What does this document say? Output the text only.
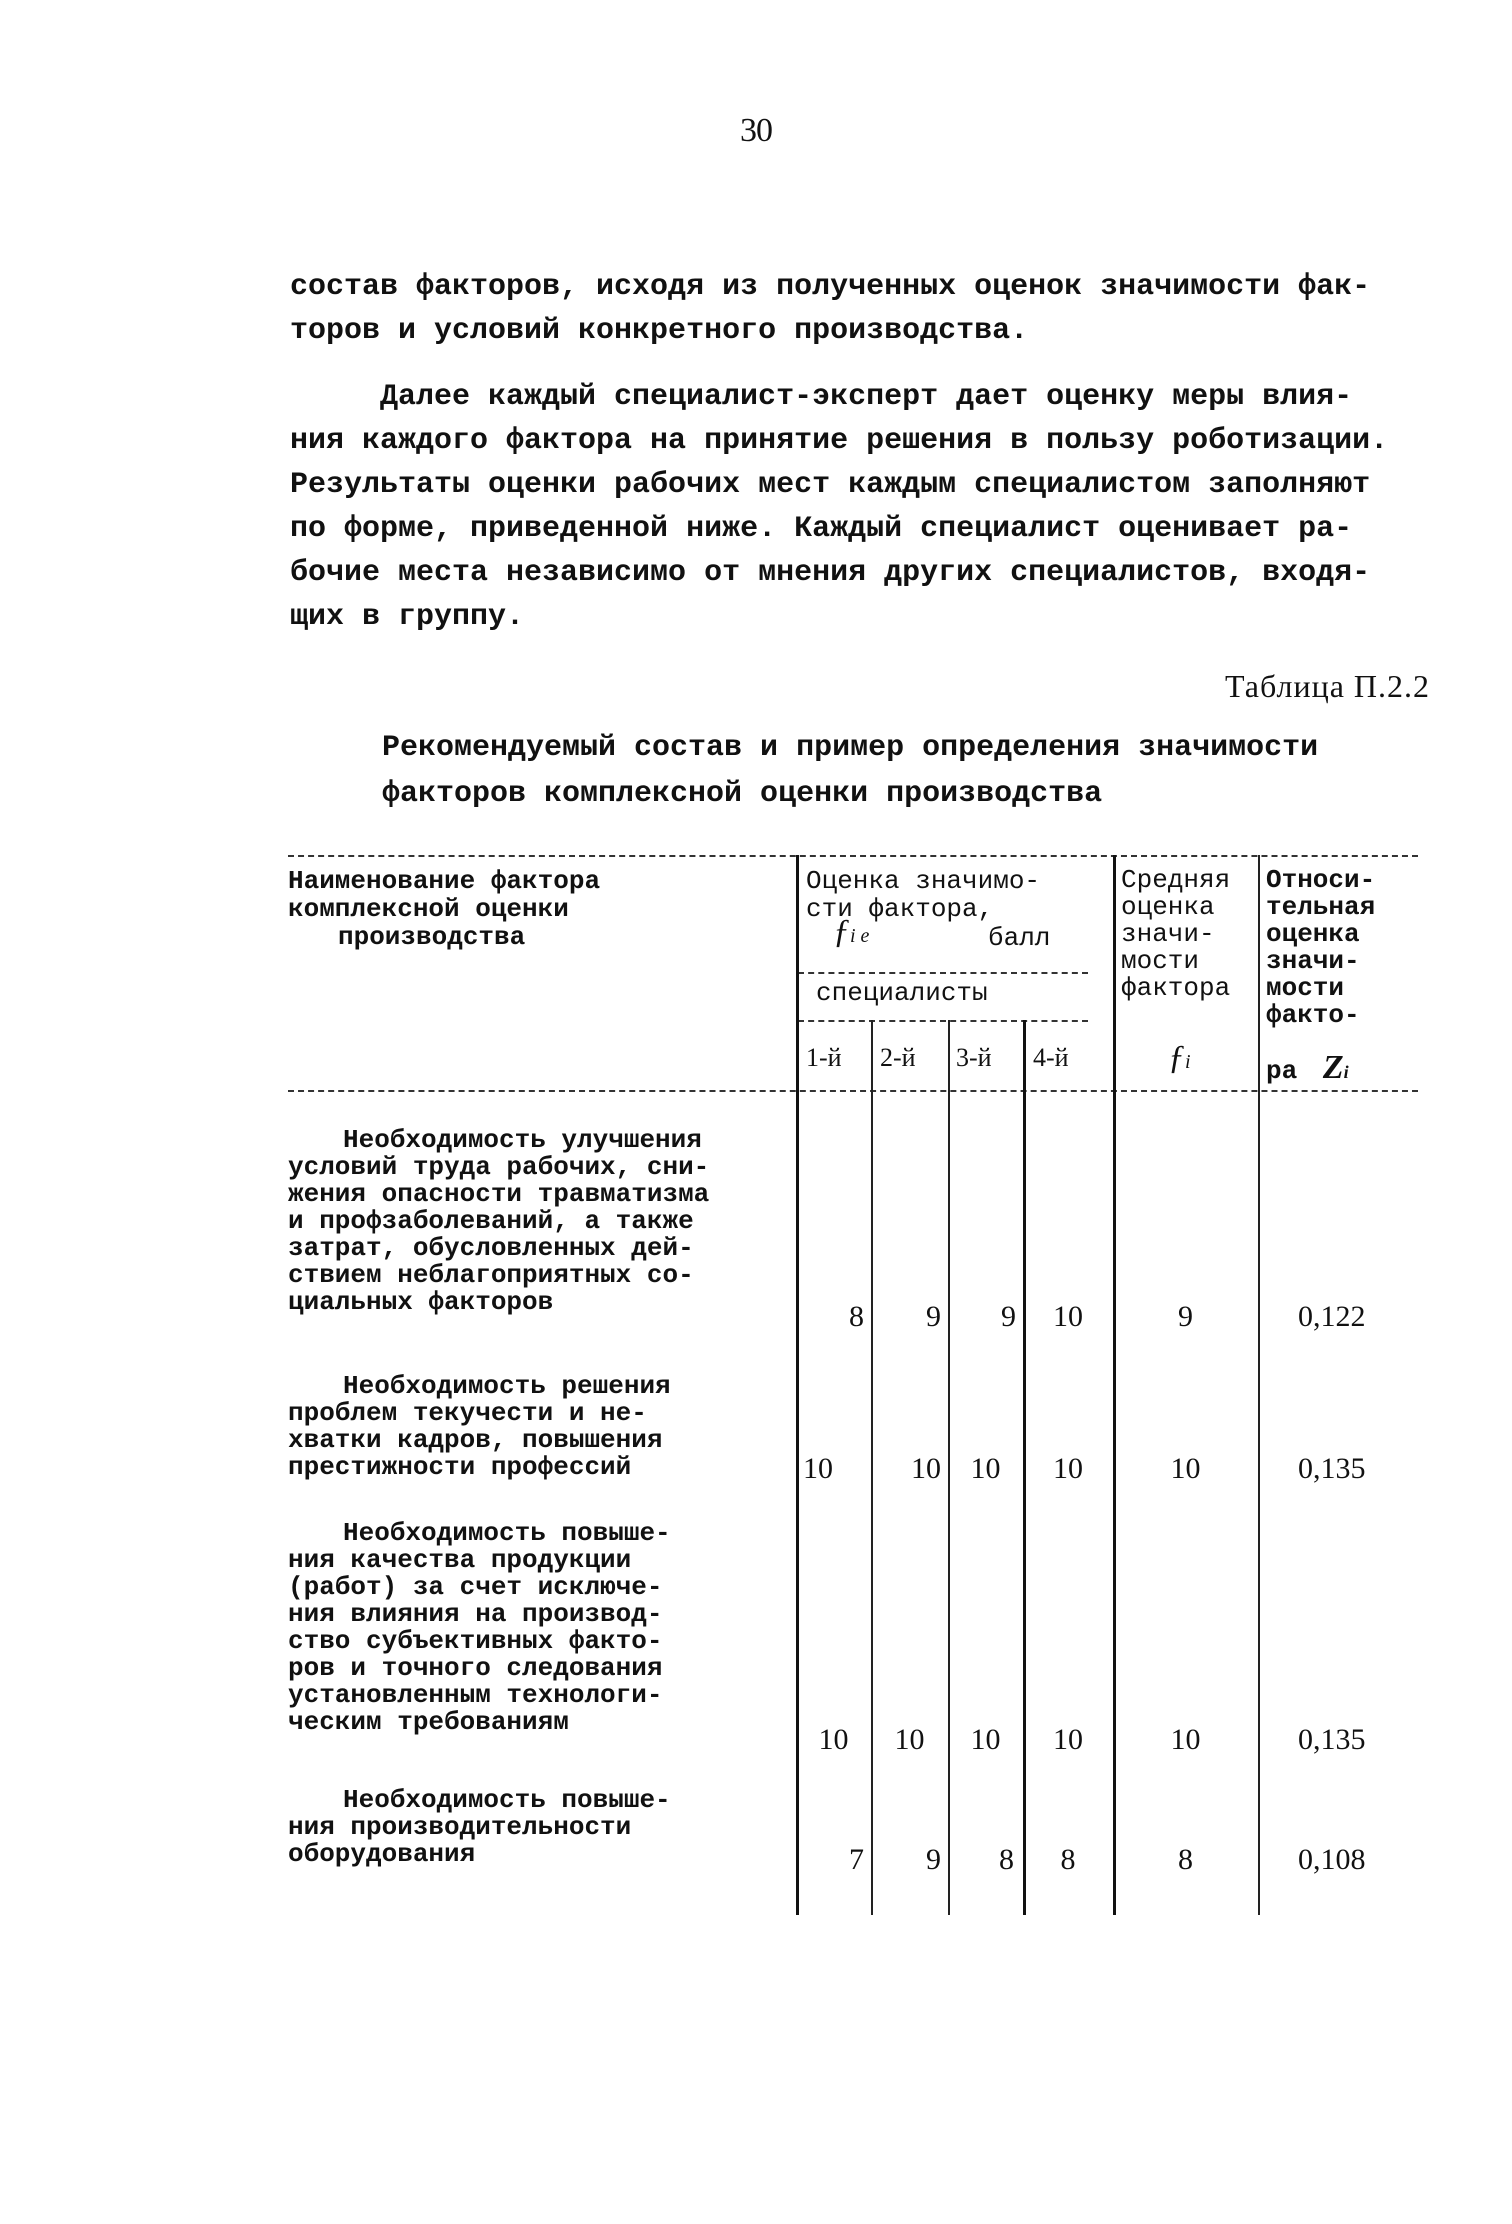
30
состав факторов, исходя из полученных оценок значимости фак-
торов и условий конкретного производства.
Далее каждый специалист-эксперт дает оценку меры влия-
ния каждого фактора на принятие решения в пользу роботизации.
Результаты оценки рабочих мест каждым специалистом заполняют
по форме, приведенной ниже. Каждый специалист оценивает ра-
бочие места независимо от мнения других специалистов, входя-
щих в группу.
Таблица П.2.2
Рекомендуемый состав и пример определения значимости
факторов комплексной оценки производства
Наименование фактора
комплексной оценки
производства
Оценка значимо-
сти фактора,
ƒi e	балл
специалисты
1-й 2-й 3-й 4-й
Средняя
оценка
значи-
мости
фактора
ƒi
Относи-
тельная
оценка
значи-
мости
факто-
ра Zi
Необходимость улучшения
условий труда рабочих, сни-
жения опасности травматизма
и профзаболеваний, а также
затрат, обусловленных дей-
ствием неблагоприятных со-
циальных факторов	8	9	9	10	9	0,122
Необходимость решения
проблем текучести и не-
хватки кадров, повышения
престижности профессий	10	10 10	10	10	0,135
Необходимость повыше-
ния качества продукции
(работ) за счет исключе-
ния влияния на производ-
ство субъективных факто-
ров и точного следования
установленным технологи-
ческим требованиям
10	10	10	10	10	0,135
Необходимость повыше-
ния производительности
оборудования	7	9	8	8	8	0,108
